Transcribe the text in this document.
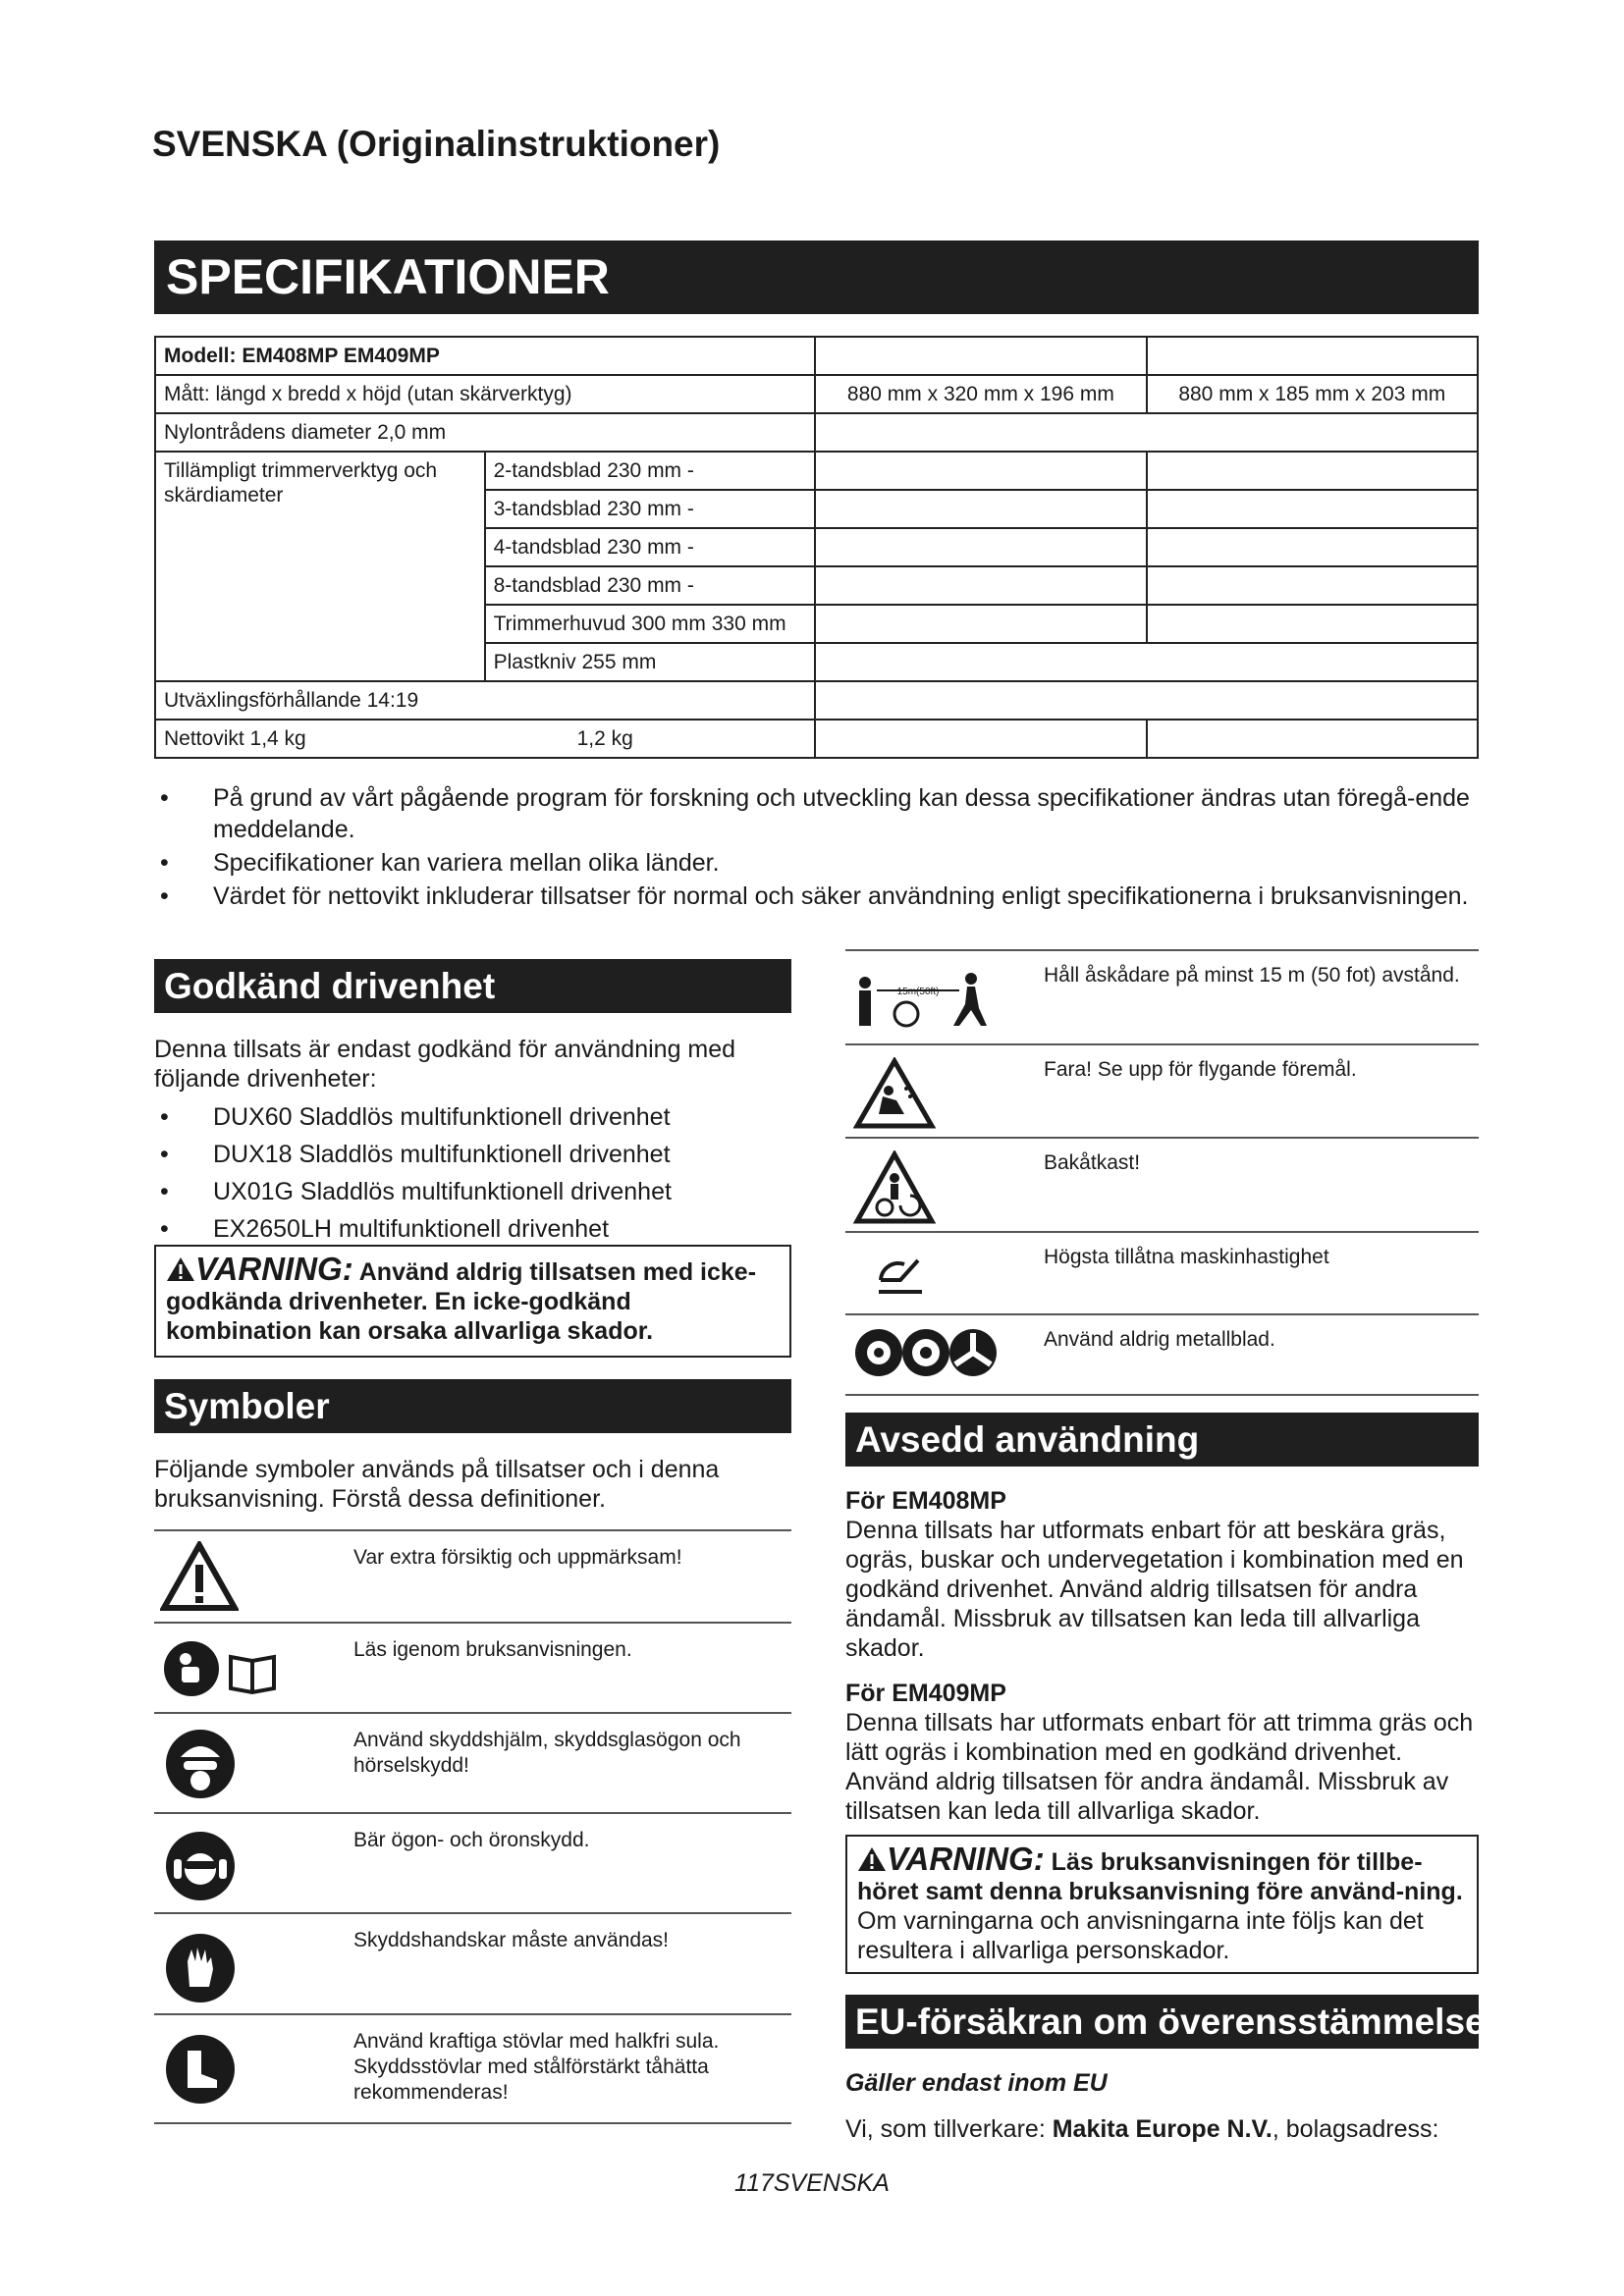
SVENSKA (Originalinstruktioner)
SPECIFIKATIONER
Modell: EM408MP EM409MP			
Mått: längd x bredd x höjd (utan skärverktyg)		880 mm x 320 mm x 196 mm	880 mm x 185 mm x 203 mm
Nylontrådens diameter 2,0 mm			
Tillämpligt trimmerverktyg och skärdiameter	2-tandsblad 230 mm -		
	3-tandsblad 230 mm -		
	4-tandsblad 230 mm -		
	8-tandsblad 230 mm -		
	Trimmerhuvud 300 mm 330 mm		
	Plastkniv 255 mm		
Utväxlingsförhållande 14:19			
Nettovikt 1,4 kg 1,2 kg			
• På grund av vårt pågående program för forskning och utveckling kan dessa specifikationer ändras utan föregå-ende meddelande.
• Specifikationer kan variera mellan olika länder.
• Värdet för nettovikt inkluderar tillsatser för normal och säker användning enligt specifikationerna i bruksanvisningen.
Godkänd drivenhet
Denna tillsats är endast godkänd för användning med följande drivenheter:
• DUX60 Sladdlös multifunktionell drivenhet
• DUX18 Sladdlös multifunktionell drivenhet
• UX01G Sladdlös multifunktionell drivenhet
• EX2650LH multifunktionell drivenhet
VARNING: Använd aldrig tillsatsen med icke-godkända drivenheter. En icke-godkänd kombination kan orsaka allvarliga skador.
Symboler
Följande symboler används på tillsatser och i denna bruksanvisning. Förstå dessa definitioner.
Var extra försiktig och uppmärksam!
Läs igenom bruksanvisningen.
Använd skyddshjälm, skyddsglasögon och hörselskydd!
Bär ögon- och öronskydd.
Skyddshandskar måste användas!
Använd kraftiga stövlar med halkfri sula. Skyddsstövlar med stålförstärkt tåhätta rekommenderas!
15m(50ft)
Håll åskådare på minst 15 m (50 fot) avstånd.
Fara! Se upp för flygande föremål.
Bakåtkast!
Högsta tillåtna maskinhastighet
Använd aldrig metallblad.
Avsedd användning
För EM408MP
Denna tillsats har utformats enbart för att beskära gräs, ogräs, buskar och undervegetation i kombination med en godkänd drivenhet. Använd aldrig tillsatsen för andra ändamål. Missbruk av tillsatsen kan leda till allvarliga skador.
För EM409MP
Denna tillsats har utformats enbart för att trimma gräs och lätt ogräs i kombination med en godkänd drivenhet. Använd aldrig tillsatsen för andra ändamål. Missbruk av tillsatsen kan leda till allvarliga skador.
VARNING: Läs bruksanvisningen för tillbe-höret samt denna bruksanvisning före använd-ning. Om varningarna och anvisningarna inte följs kan det resultera i allvarliga personskador.
EU-försäkran om överensstämmelse
Gäller endast inom EU
Vi, som tillverkare: Makita Europe N.V., bolagsadress:
117SVENSKA
